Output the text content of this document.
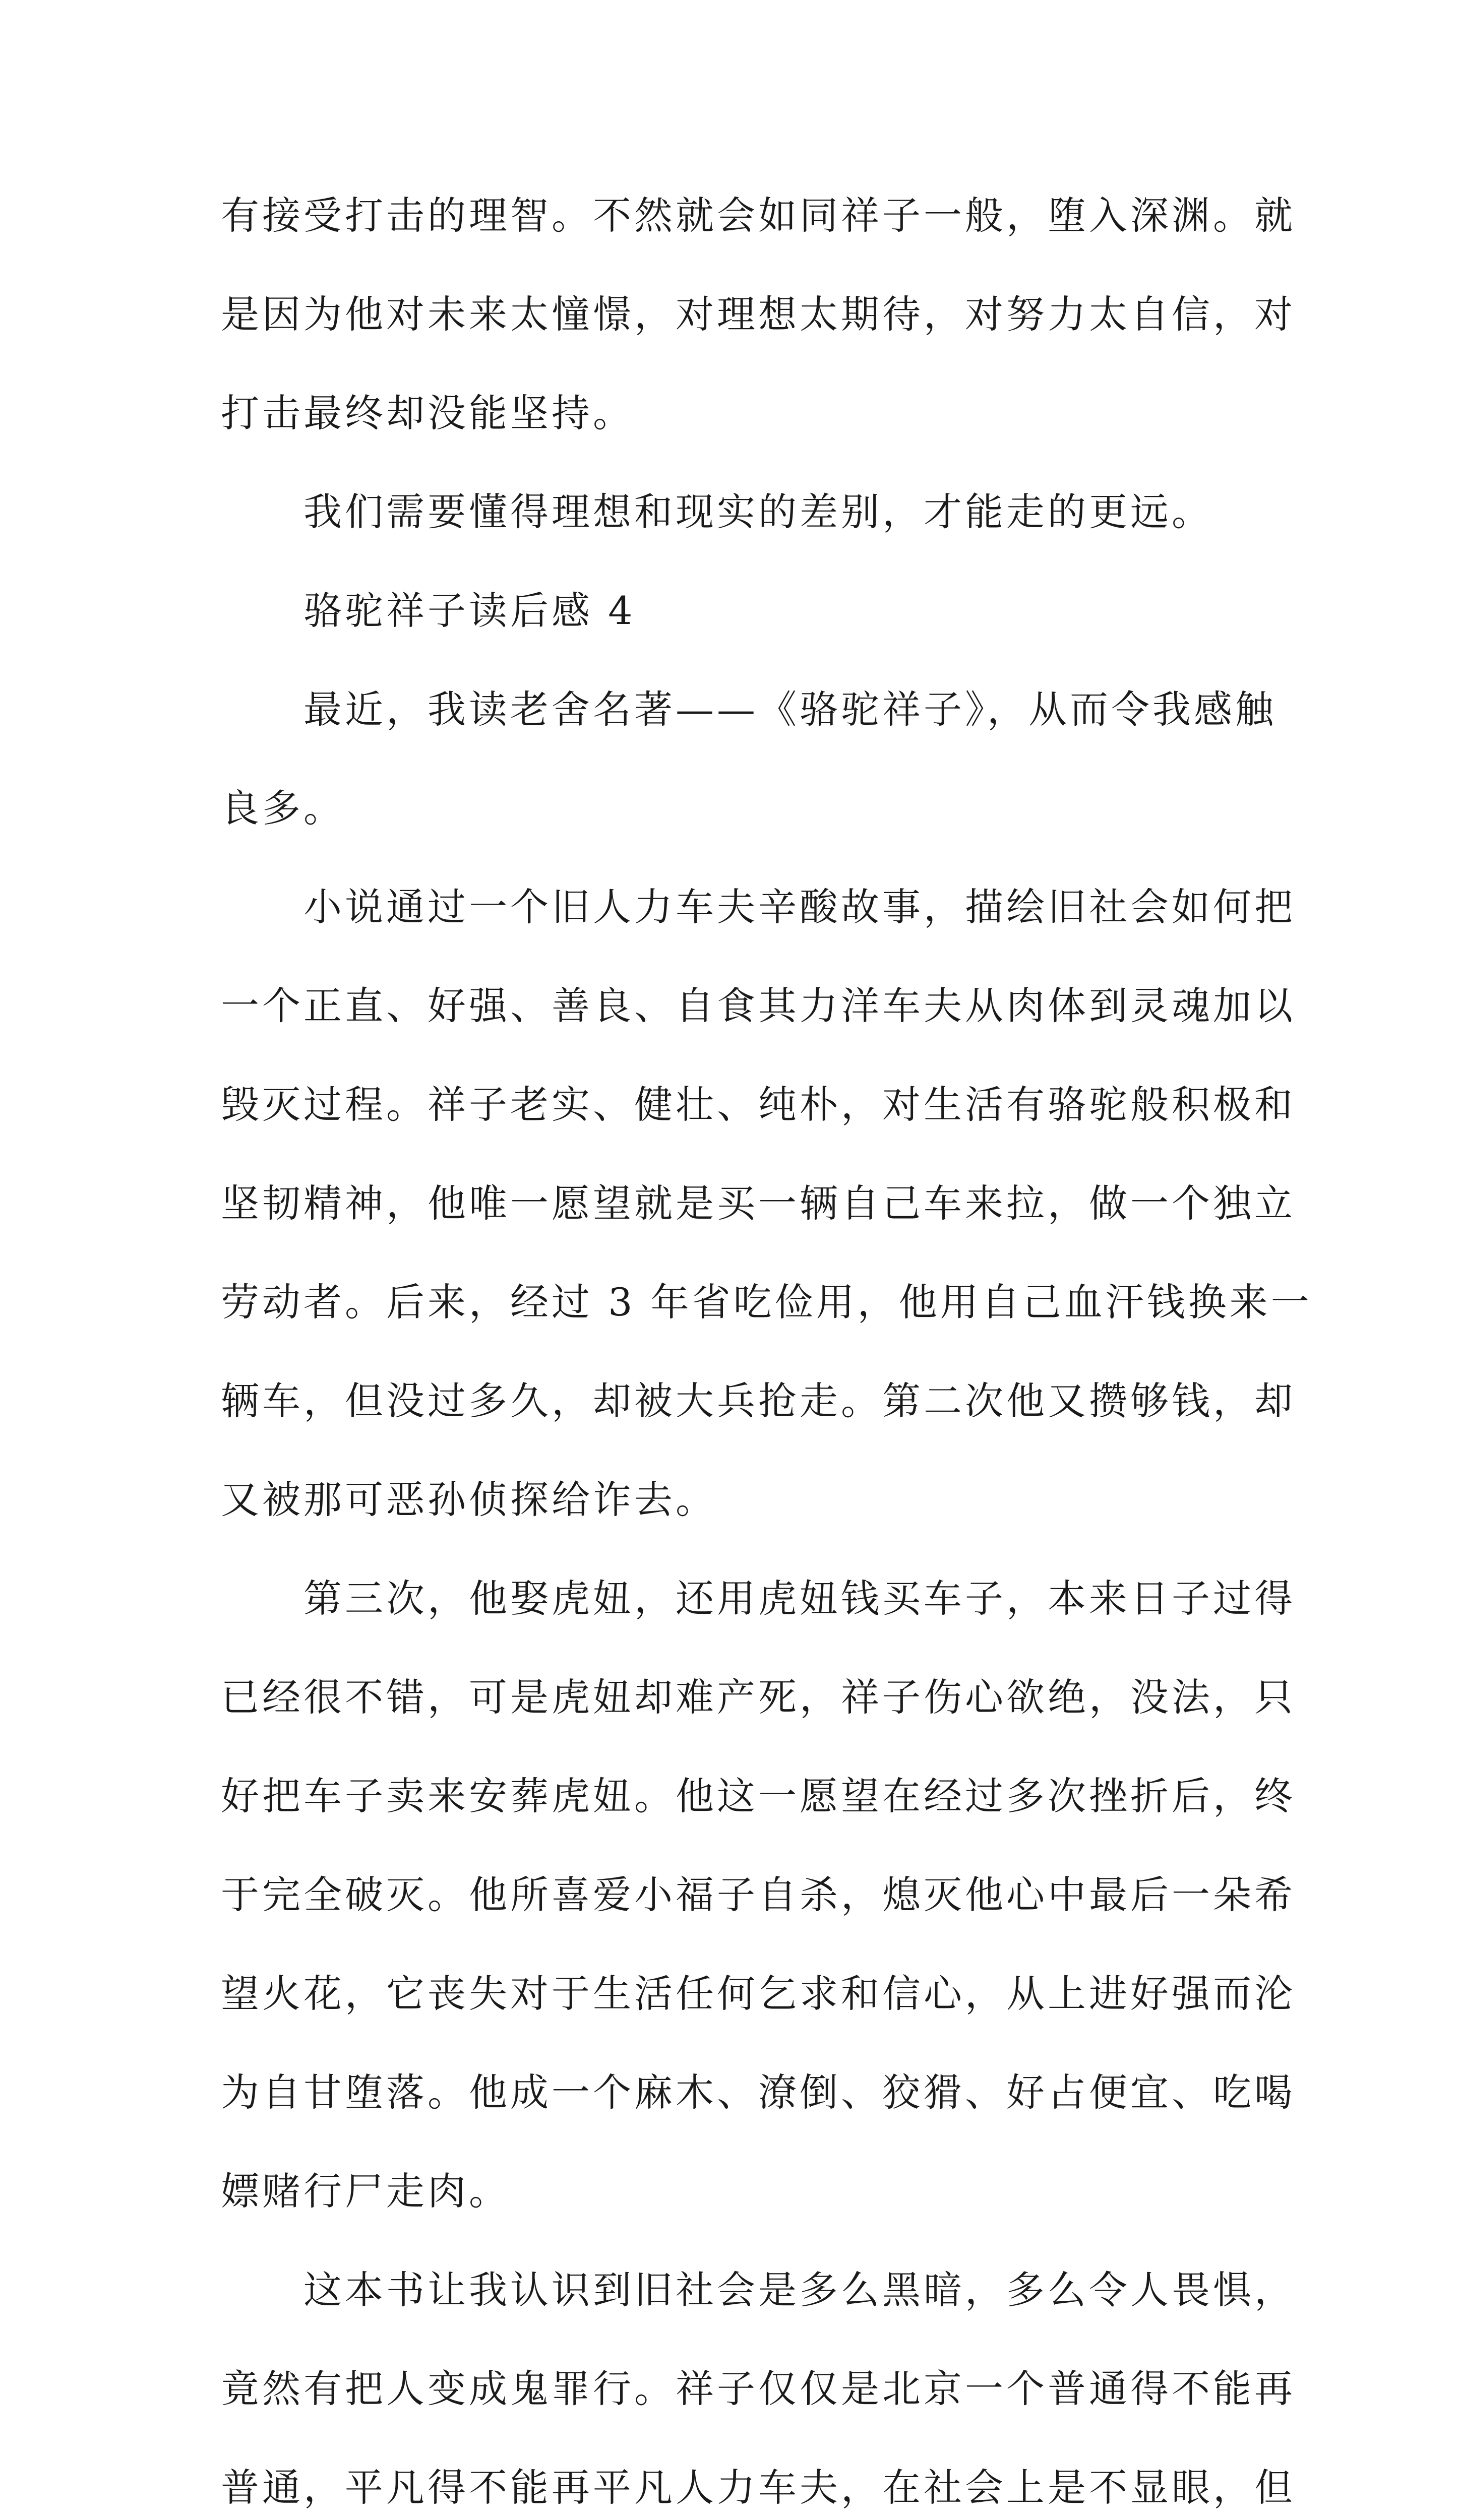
有接受打击的理智。不然就会如同祥子一般，堕入深渊。就
是因为他对未来太憧憬，对理想太期待，对努力太自信，对
打击最终却没能坚持。
我们需要懂得理想和现实的差别，才能走的更远。
骆驼祥子读后感 4
最近，我读老舍名著——《骆驼祥子》，从而令我感触
良多。
小说通过一个旧人力车夫辛酸故事，描绘旧社会如何把
一个正直、好强、善良、自食其力洋车夫从肉体到灵魂加以
毁灭过程。祥子老实、健壮、纯朴，对生活有骆驼般积极和
坚韧精神，他唯一愿望就是买一辆自己车来拉，做一个独立
劳动者。后来，经过 3 年省吃俭用，他用自己血汗钱换来一
辆车，但没过多久，却被大兵抢走。第二次他又攒够钱，却
又被那可恶孙侦探给诈去。
第三次，他娶虎妞，还用虎妞钱买车子，本来日子过得
已经很不错，可是虎妞却难产死，祥子伤心欲绝，没法，只
好把车子卖来安葬虎妞。他这一愿望在经过多次挫折后，终
于完全破灭。他所喜爱小福子自杀，熄灭他心中最后一朵希
望火花，它丧失对于生活任何乞求和信心，从上进好强而沦
为自甘堕落。他成一个麻木、潦倒、狡猾、好占便宜、吃喝
嫖赌行尸走肉。
这本书让我认识到旧社会是多么黑暗，多么令人畏惧，
竟然有把人变成鬼罪行。祥子仅仅是北京一个普通得不能再
普通，平凡得不能再平凡人力车夫，在社会上是不显眼，但
